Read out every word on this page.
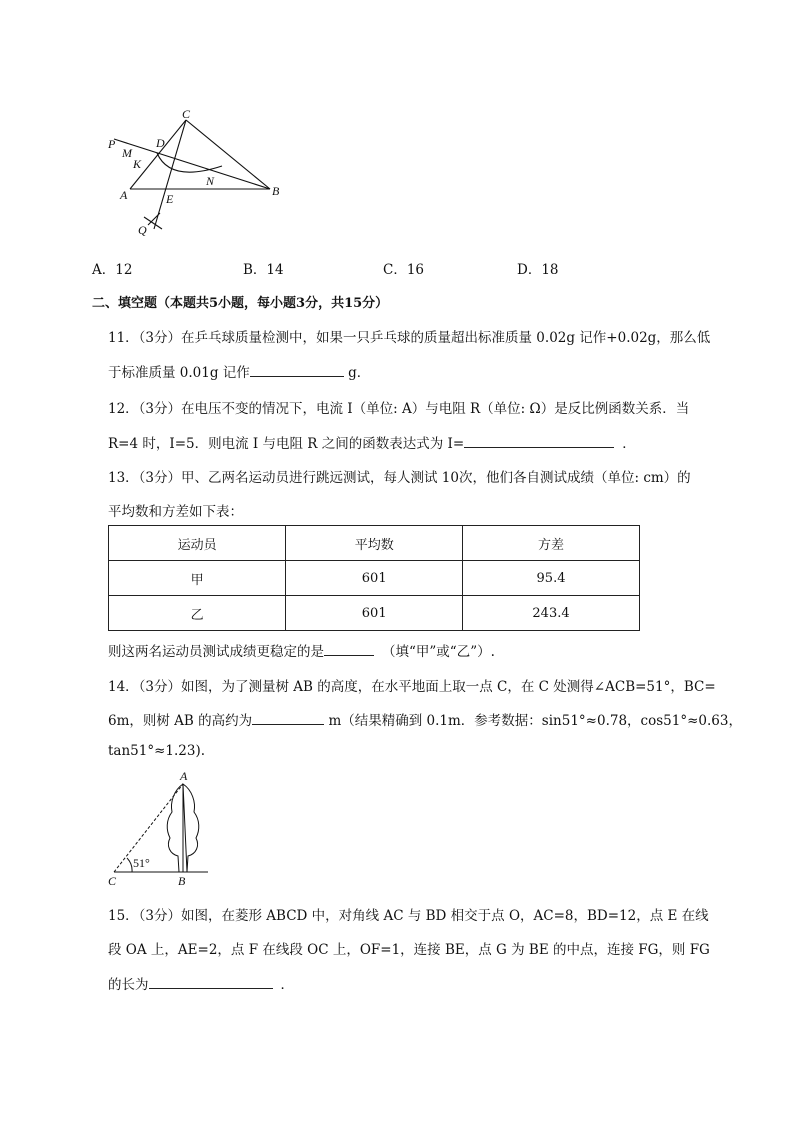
P
M
C
D
K
N
A	E
B
Q
A．12	B．14	C．16	D．18
二、填空题（本题共5小题，每小题3分，共15分）
11．（3分）在乒乓球质量检测中，如果一只乒乓球的质量超出标准质量 0.02g 记作+0.02g，那么低
于标准质量 0.01g 记作	g．
12．（3分）在电压不变的情况下，电流 I（单位: A）与电阻 R（单位: Ω）是反比例函数关系．当
R=4 时，I=5．则电流 I 与电阻 R 之间的函数表达式为 I=	．
13．（3分）甲、乙两名运动员进行跳远测试，每人测试 10次，他们各自测试成绩（单位: cm）的
平均数和方差如下表：
运动员	平均数	方差
甲	601	95.4
乙	601	243.4
则这两名运动员测试成绩更稳定的是	（填“甲”或“乙”）.
14．（3分）如图，为了测量树 AB 的高度，在水平地面上取一点 C，在 C 处测得∠ACB=51°，BC=
6m，则树 AB 的高约为	m（结果精确到 0.1m．参考数据：sin51°≈0.78，cos51°≈0.63，
tan51°≈1.23).
A
B
C
51°
15．（3分）如图，在菱形 ABCD 中，对角线 AC 与 BD 相交于点 O，AC=8，BD=12，点 E 在线
段 OA 上，AE=2，点 F 在线段 OC 上，OF=1，连接 BE，点 G 为 BE 的中点，连接 FG，则 FG
的长为	．
